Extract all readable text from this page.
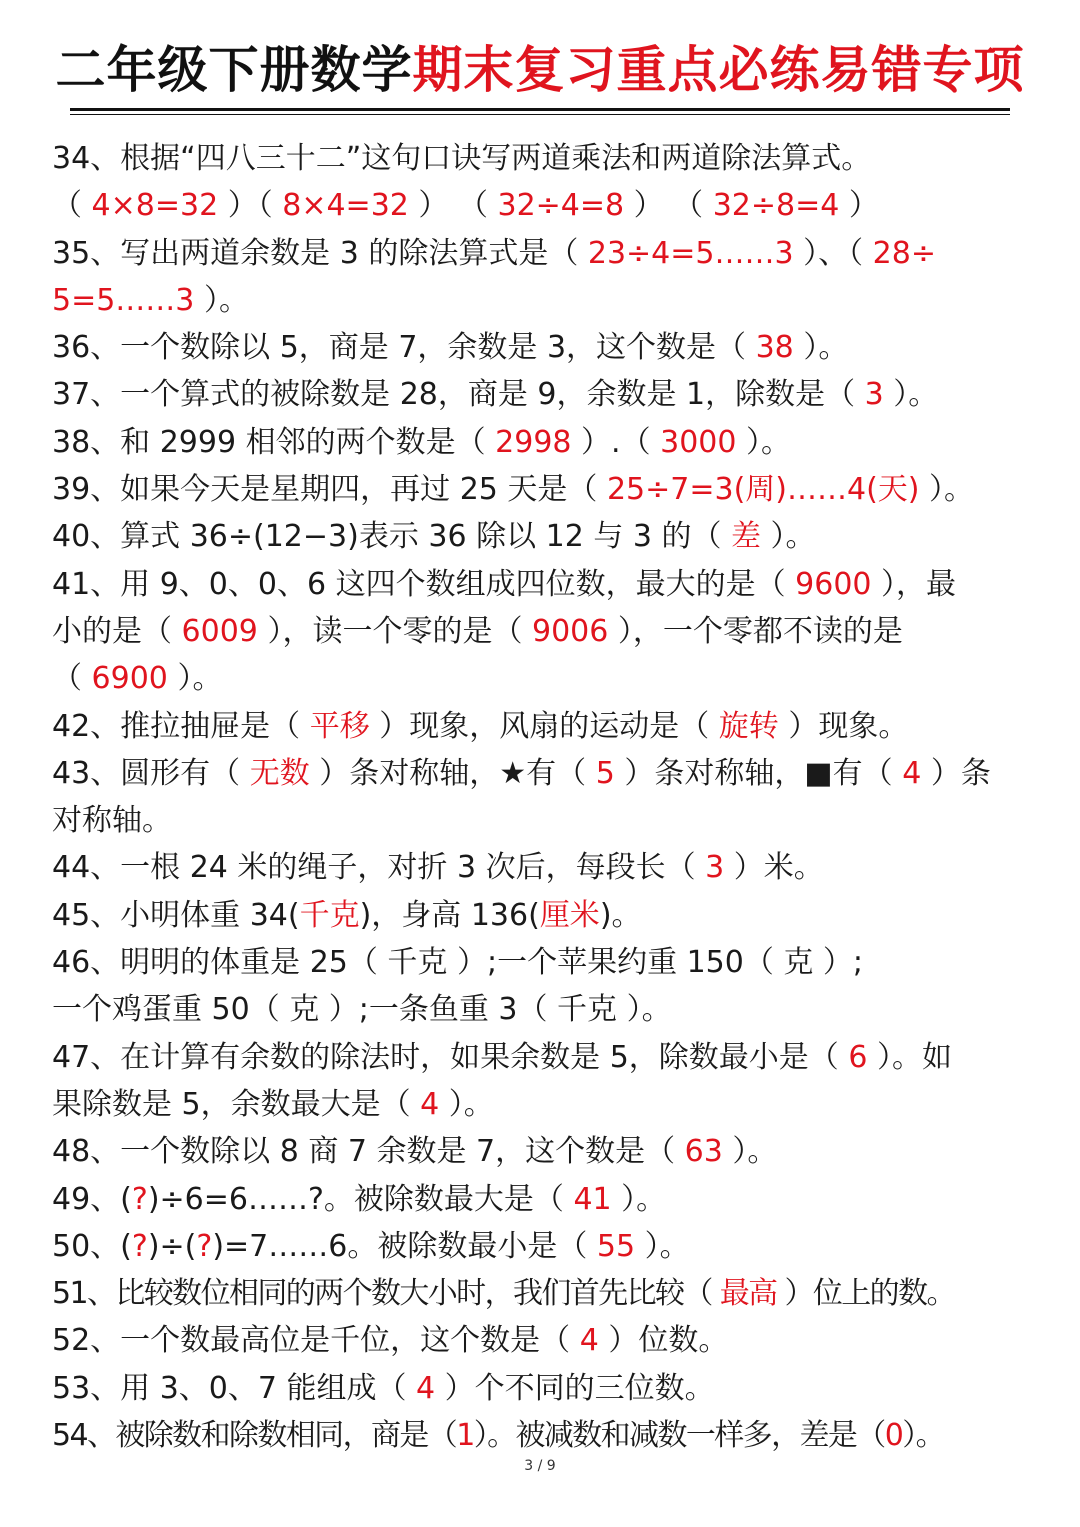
二年级下册数学期末复习重点必练易错专项
34、根据“四八三十二”这句口诀写两道乘法和两道除法算式。
（ 4×8=32 ）（ 8×4=32 ） （ 32÷4=8 ） （ 32÷8=4 ）
35、写出两道余数是 3 的除法算式是（ 23÷4=5……3 ）、（ 28÷
5=5……3 ）。
36、一个数除以 5，商是 7，余数是 3，这个数是（ 38 ）。
37、一个算式的被除数是 28，商是 9，余数是 1，除数是（ 3 ）。
38、和 2999 相邻的两个数是（ 2998 ）.（ 3000 ）。
39、如果今天是星期四，再过 25 天是（ 25÷7=3(周)……4(天) ）。
40、算式 36÷(12−3)表示 36 除以 12 与 3 的（ 差 ）。
41、用 9、0、0、6 这四个数组成四位数，最大的是（ 9600 ），最
小的是（ 6009 ），读一个零的是（ 9006 ），一个零都不读的是
（ 6900 ）。
42、推拉抽屉是（ 平移 ）现象，风扇的运动是（ 旋转 ）现象。
43、圆形有（ 无数 ）条对称轴，★有（ 5 ）条对称轴，■有（ 4 ）条
对称轴。
44、一根 24 米的绳子，对折 3 次后，每段长（ 3 ）米。
45、小明体重 34(千克)，身高 136(厘米)。
46、明明的体重是 25（ 千克 ）;一个苹果约重 150（ 克 ）;
一个鸡蛋重 50（ 克 ）;一条鱼重 3（ 千克 ）。
47、在计算有余数的除法时，如果余数是 5，除数最小是（ 6 ）。如
果除数是 5，余数最大是（ 4 ）。
48、一个数除以 8 商 7 余数是 7，这个数是（ 63 ）。
49、(?)÷6=6……?。被除数最大是（ 41 ）。
50、(?)÷(?)=7……6。被除数最小是（ 55 ）。
51、比较数位相同的两个数大小时，我们首先比较（ 最高 ）位上的数。
52、一个数最高位是千位，这个数是（ 4 ）位数。
53、用 3、0、7 能组成（ 4 ）个不同的三位数。
54、被除数和除数相同，商是（1）。被减数和减数一样多，差是（0）。
3 / 9
